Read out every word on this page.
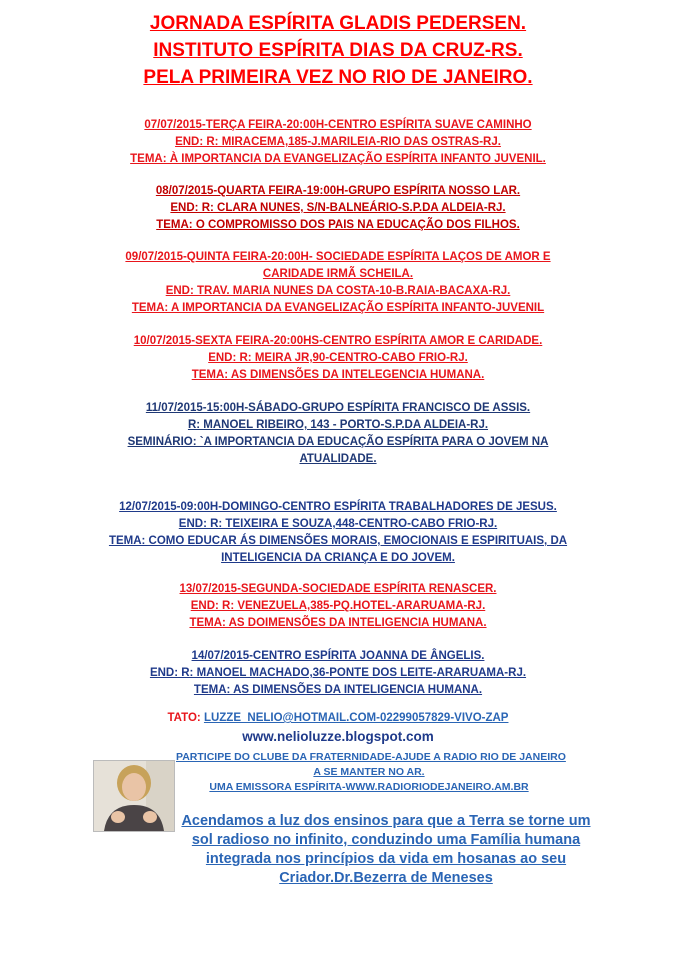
JORNADA ESPÍRITA GLADIS PEDERSEN.
INSTITUTO ESPÍRITA DIAS DA CRUZ-RS.
PELA PRIMEIRA VEZ NO RIO DE JANEIRO.
07/07/2015-TERÇA FEIRA-20:00H-CENTRO ESPÍRITA SUAVE CAMINHO
END: R: MIRACEMA,185-J.MARILEIA-RIO DAS OSTRAS-RJ.
TEMA: À IMPORTANCIA DA EVANGELIZAÇÃO ESPÍRITA INFANTO JUVENIL.
08/07/2015-QUARTA FEIRA-19:00H-GRUPO ESPÍRITA NOSSO LAR.
END: R: CLARA NUNES, S/N-BALNEÁRIO-S.P.DA ALDEIA-RJ.
TEMA: O COMPROMISSO DOS PAIS NA EDUCAÇÃO DOS FILHOS.
09/07/2015-QUINTA FEIRA-20:00H- SOCIEDADE ESPÍRITA LAÇOS DE AMOR E
CARIDADE IRMÃ SCHEILA.
END: TRAV. MARIA NUNES DA COSTA-10-B.RAIA-BACAXA-RJ.
TEMA: A IMPORTANCIA DA EVANGELIZAÇÃO ESPÍRITA INFANTO-JUVENIL
10/07/2015-SEXTA FEIRA-20:00HS-CENTRO ESPÍRITA AMOR E CARIDADE.
END: R: MEIRA JR,90-CENTRO-CABO FRIO-RJ.
TEMA: AS DIMENSÕES DA INTELEGENCIA HUMANA.
11/07/2015-15:00H-SÁBADO-GRUPO ESPÍRITA FRANCISCO DE ASSIS.
R: MANOEL RIBEIRO, 143 - PORTO-S.P.DA ALDEIA-RJ.
SEMINÁRIO: `A IMPORTANCIA DA EDUCAÇÃO ESPÍRITA PARA O JOVEM NA
ATUALIDADE.
12/07/2015-09:00H-DOMINGO-CENTRO ESPÍRITA TRABALHADORES DE JESUS.
END: R: TEIXEIRA E SOUZA,448-CENTRO-CABO FRIO-RJ.
TEMA: COMO EDUCAR ÁS DIMENSÕES MORAIS, EMOCIONAIS E ESPIRITUAIS, DA
INTELIGENCIA DA CRIANÇA E DO JOVEM.
13/07/2015-SEGUNDA-SOCIEDADE ESPÍRITA RENASCER.
END: R: VENEZUELA,385-PQ.HOTEL-ARARUAMA-RJ.
TEMA: AS DOIMENSÕES DA INTELIGENCIA HUMANA.
14/07/2015-CENTRO ESPÍRITA JOANNA DE ÂNGELIS.
END: R: MANOEL MACHADO,36-PONTE DOS LEITE-ARARUAMA-RJ.
TEMA: AS DIMENSÕES DA INTELIGENCIA HUMANA.
TATO: LUZZE_NELIO@HOTMAIL.COM-02299057829-VIVO-ZAP
www.nelioluzze.blogspot.com
PARTICIPE DO CLUBE DA FRATERNIDADE-AJUDE A RADIO RIO DE JANEIRO
A SE MANTER NO AR.
UMA EMISSORA ESPÍRITA-WWW.RADIORIODEJANEIRO.AM.BR
Acendamos a luz dos ensinos para que a Terra se torne um
sol radioso no infinito, conduzindo uma Família humana
integrada nos princípios da vida em hosanas ao seu
Criador.Dr.Bezerra de Meneses
